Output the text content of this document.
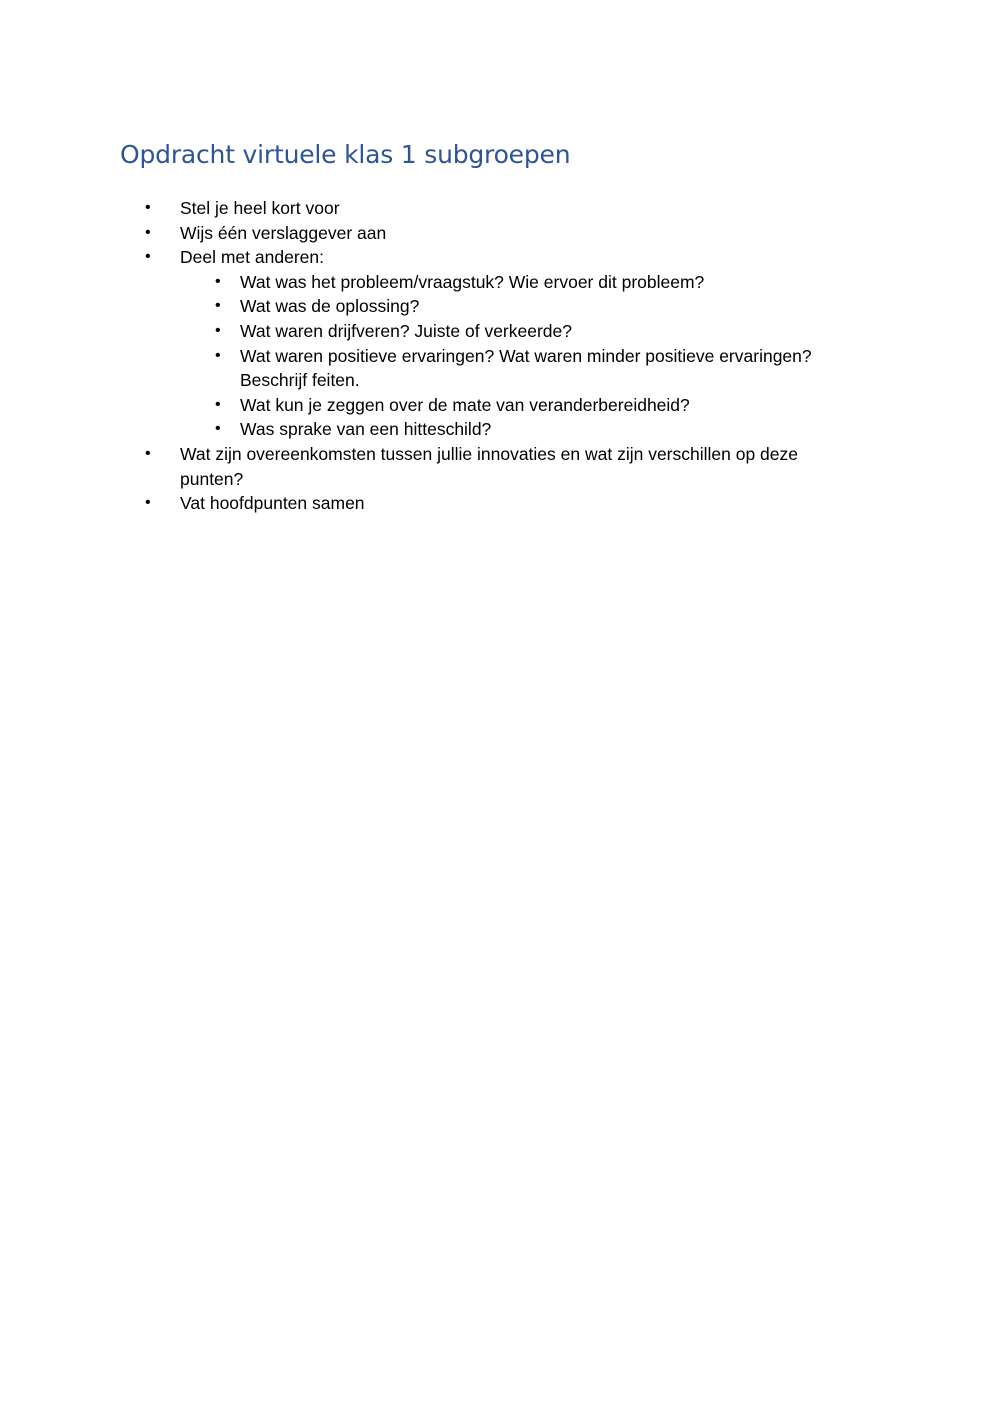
Opdracht virtuele klas 1 subgroepen
•	Stel je heel kort voor
•	Wijs één verslaggever aan
•	Deel met anderen:
•	Wat was het probleem/vraagstuk? Wie ervoer dit probleem?
•	Wat was de oplossing?
•	Wat waren drijfveren? Juiste of verkeerde?
•	Wat waren positieve ervaringen? Wat waren minder positieve ervaringen? Beschrijf feiten.
•	Wat kun je zeggen over de mate van veranderbereidheid?
•	Was sprake van een hitteschild?
•	Wat zijn overeenkomsten tussen jullie innovaties en wat zijn verschillen op deze punten?
•	Vat hoofdpunten samen
